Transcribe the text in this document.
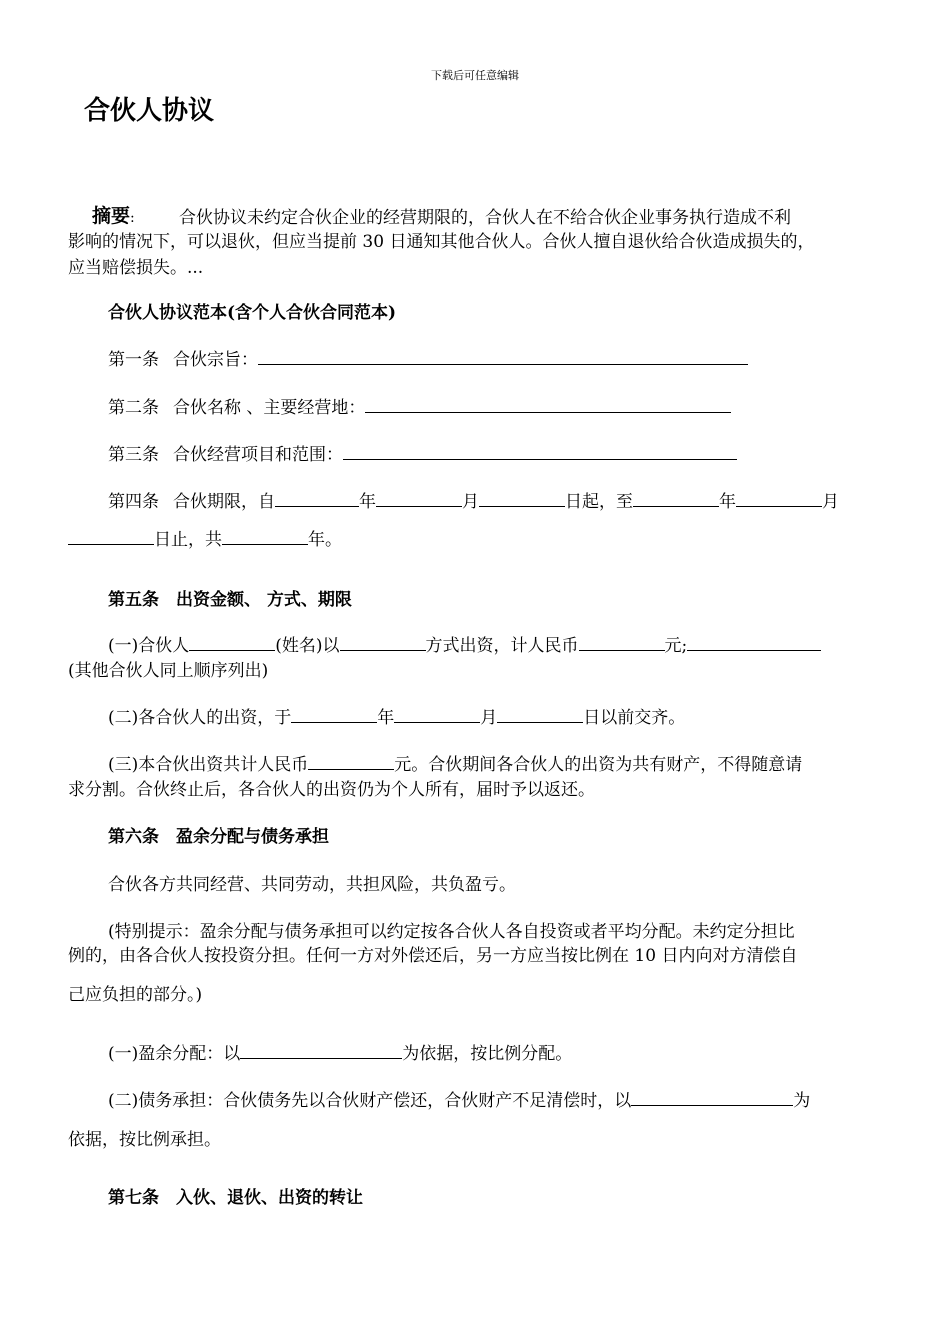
下载后可任意编辑
合伙人协议
摘要:	合伙协议未约定合伙企业的经营期限的，合伙人在不给合伙企业事务执行造成不利
影响的情况下，可以退伙，但应当提前 30 日通知其他合伙人。合伙人擅自退伙给合伙造成损失的，
应当赔偿损失。...
合伙人协议范本(含个人合伙合同范本)
第一条 合伙宗旨：
第二条 合伙名称 、主要经营地：
第三条 合伙经营项目和范围：
第四条 合伙期限，自	年	月	日起，至	年	月
日止，共	年。
第五条　出资金额、 方式、期限
(一)合伙人	(姓名)以	方式出资，计人民币	元;
(其他合伙人同上顺序列出)
(二)各合伙人的出资，于	年	月	日以前交齐。
(三)本合伙出资共计人民币	元。合伙期间各合伙人的出资为共有财产，不得随意请
求分割。合伙终止后，各合伙人的出资仍为个人所有，届时予以返还。
第六条　盈余分配与债务承担
合伙各方共同经营、共同劳动，共担风险，共负盈亏。
(特别提示：盈余分配与债务承担可以约定按各合伙人各自投资或者平均分配。未约定分担比
例的，由各合伙人按投资分担。任何一方对外偿还后，另一方应当按比例在 10 日内向对方清偿自
己应负担的部分。)
(一)盈余分配：以	为依据，按比例分配。
(二)债务承担：合伙债务先以合伙财产偿还，合伙财产不足清偿时，以	为
依据，按比例承担。
第七条　入伙、退伙、出资的转让
